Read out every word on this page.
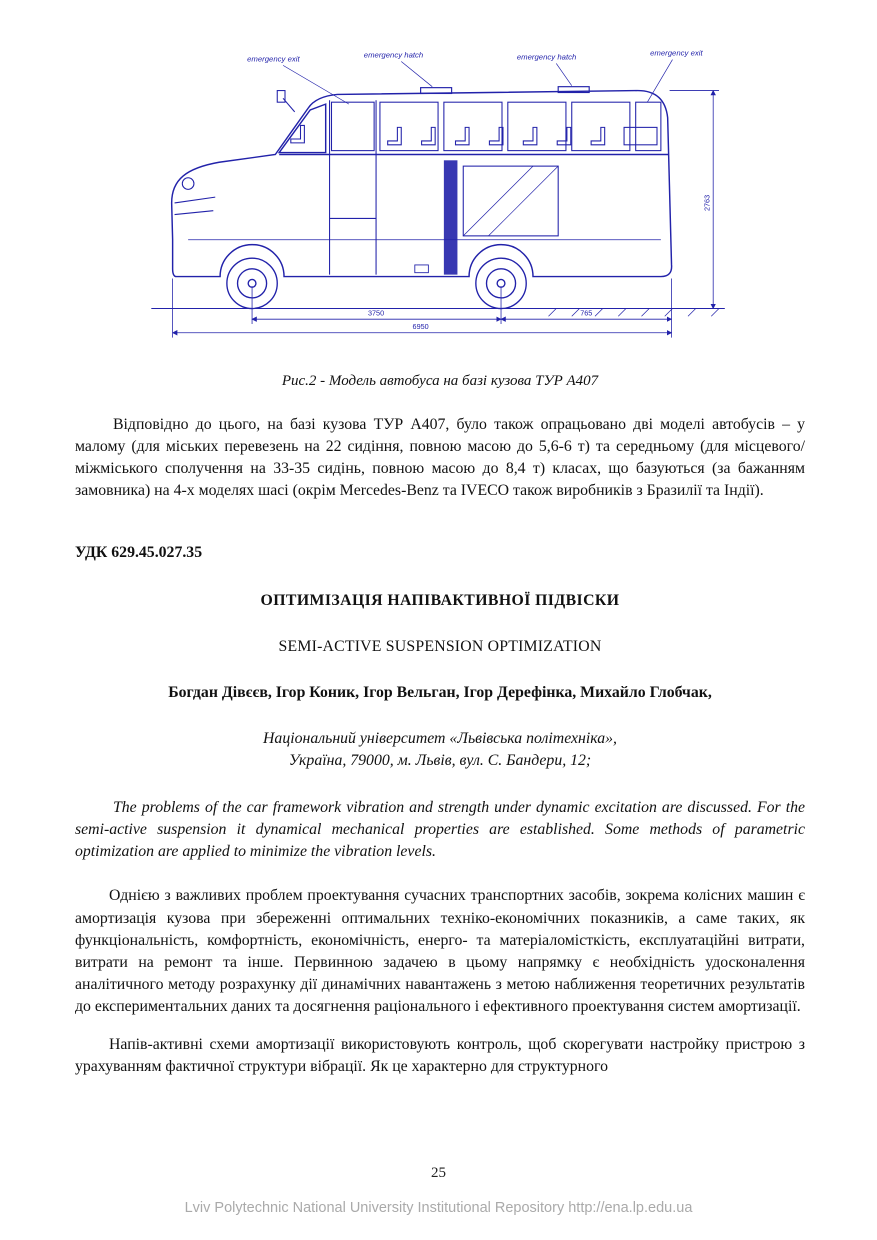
emergency exit	emergency hatch	emergency hatch	emergency exit
3750	765
6950
2763
Рис.2 - Модель автобуса на базі кузова ТУР А407

Відповідно до цього, на базі кузова ТУР А407, було також опрацьовано дві моделі автобусів – у малому (для міських перевезень на 22 сидіння, повною масою до 5,6-6 т) та середньому (для місцевого/міжміського сполучення на 33-35 сидінь, повною масою до 8,4 т) класах, що базуються (за бажанням замовника) на 4-х моделях шасі (окрім Mercedes-Benz та IVECO також виробників з Бразилії та Індії).

УДК 629.45.027.35
ОПТИМІЗАЦІЯ НАПІВАКТИВНОЇ ПІДВІСКИ
SEMI-ACTIVE SUSPENSION OPTIMIZATION
Богдан Дівєєв, Ігор Коник, Ігор Вельган, Ігор Дерефінка, Михайло Глобчак,
Національний університет «Львівська політехніка»,
Україна, 79000, м. Львів, вул. С. Бандери, 12;

The problems of the car framework vibration and strength under dynamic excitation are discussed. For the semi-active suspension it dynamical mechanical properties are established. Some methods of parametric optimization are applied to minimize the vibration levels.

Однією з важливих проблем проектування сучасних транспортних засобів, зокрема колісних машин є амортизація кузова при збереженні оптимальних техніко-економічних показників, а саме таких, як функціональність, комфортність, економічність, енерго- та матеріаломісткість, експлуатаційні витрати, витрати на ремонт та інше. Первинною задачею в цьому напрямку є необхідність удосконалення аналітичного методу розрахунку дії динамічних навантажень з метою наближення теоретичних результатів до експериментальних даних та досягнення раціонального і ефективного проектування систем амортизації.

Напів-активні схеми амортизації використовують контроль, щоб скорегувати настройку пристрою з урахуванням фактичної структури вібрації. Як це характерно для структурного

25
Lviv Polytechnic National University Institutional Repository http://ena.lp.edu.ua
